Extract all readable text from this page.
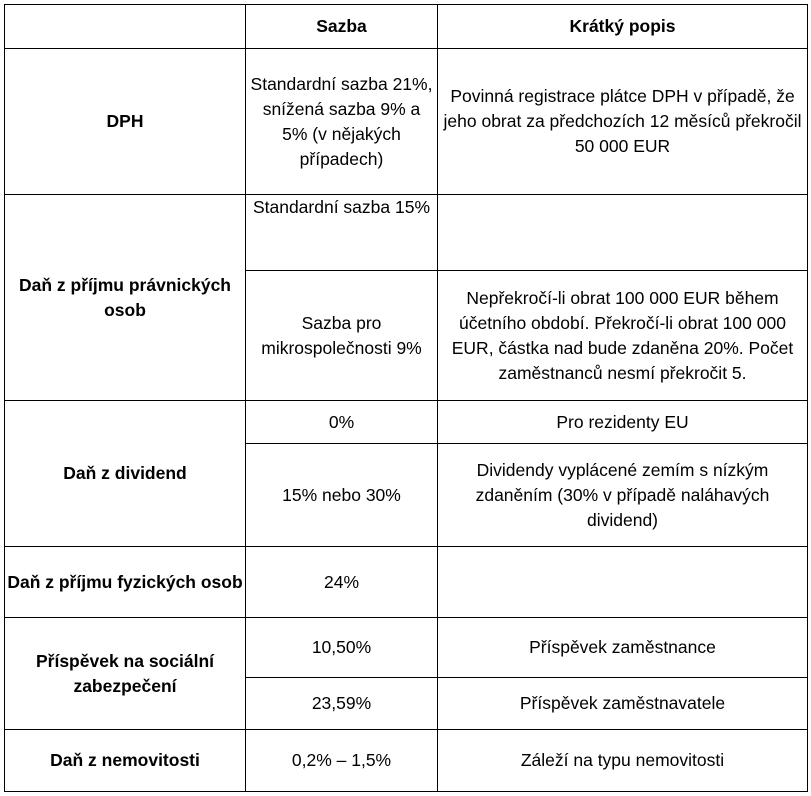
	Sazba	Krátký popis
DPH	Standardní sazba 21%, snížená sazba 9% a 5% (v nějakých případech)	Povinná registrace plátce DPH v případě, že jeho obrat za předchozích 12 měsíců překročil 50 000 EUR
Daň z příjmu právnických osob	Standardní sazba 15%	

	Sazba pro mikrospolečnosti 9%	Nepřekročí-li obrat 100 000 EUR během účetního období. Překročí-li obrat 100 000 EUR, částka nad bude zdaněna 20%. Počet zaměstnanců nesmí překročit 5.
Daň z dividend	0%	Pro rezidenty EU
	15% nebo 30%	Dividendy vyplácené zemím s nízkým zdaněním (30% v případě naláhavých dividend)
Daň z příjmu fyzických osob	24%	
Příspěvek na sociální zabezpečení	10,50%	Příspěvek zaměstnance
	23,59%	Příspěvek zaměstnavatele
Daň z nemovitosti	0,2% – 1,5%	Záleží na typu nemovitosti
